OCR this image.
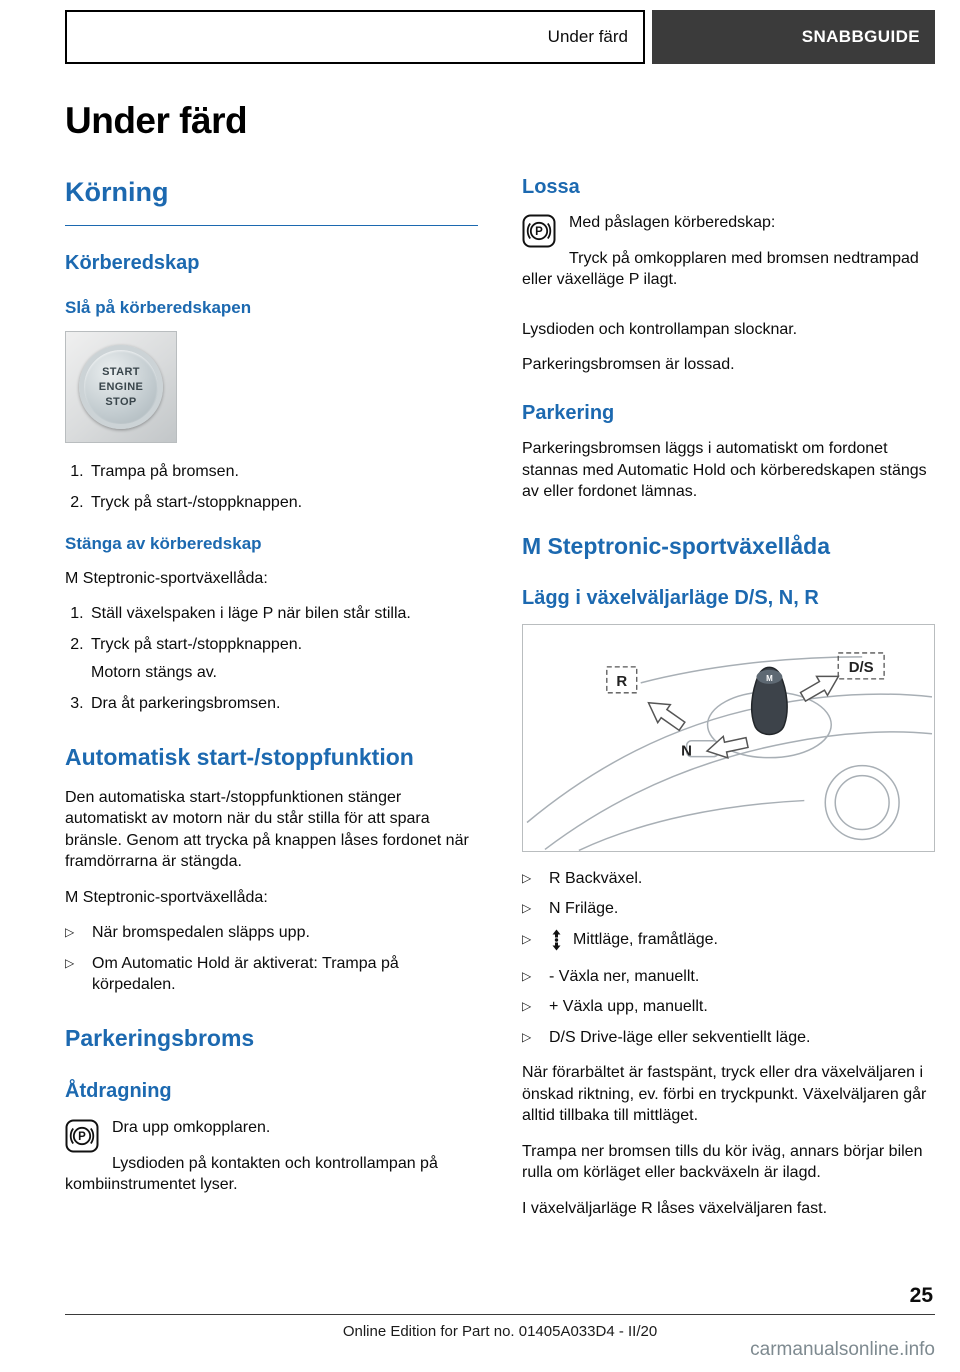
Under färd	SNABBGUIDE
Under färd
Körning
Körberedskap
Slå på körberedskapen
START
ENGINE
STOP
1. Trampa på bromsen.
2. Tryck på start-/stoppknappen.
Stänga av körberedskap

M Steptronic-sportväxellåda:

1. Ställ växelspaken i läge P när bilen står stilla.
2. Tryck på start-/stoppknappen.
Motorn stängs av.
3. Dra åt parkeringsbromsen.
Automatisk start-/stoppfunktion

Den automatiska start-/stoppfunktionen stänger automatiskt av motorn när du står stilla för att spara bränsle. Genom att trycka på knappen låses fordonet när framdörrarna är stängda.

M Steptronic-sportväxellåda:

▷	När bromspedalen släpps upp.
▷	Om Automatic Hold är aktiverat: Trampa på körpedalen.
Parkeringsbroms
Åtdragning
P

Dra upp omkopplaren.

Lysdioden på kontakten och kontrollampan på kombiinstrumentet lyser.

Lossa
P

Med påslagen körberedskap:

Tryck på omkopplaren med bromsen nedtrampad eller växelläge P ilagt.

Lysdioden och kontrollampan slocknar.

Parkeringsbromsen är lossad.

Parkering

Parkeringsbromsen läggs i automatiskt om fordonet stannas med Automatic Hold och körberedskapen stängs av eller fordonet lämnas.

M Steptronic-sportväxellåda
Lägg i växelväljarläge D/S, N, R
M
R
N
D/S
▷	R Backväxel.
▷	N Friläge.
▷	Mittläge, framåtläge.
▷	- Växla ner, manuellt.
▷	+ Växla upp, manuellt.
▷	D/S Drive-läge eller sekventiellt läge.

När förarbältet är fastspänt, tryck eller dra växelväljaren i önskad riktning, ev. förbi en tryckpunkt. Växelväljaren går alltid tillbaka till mittläget.

Trampa ner bromsen tills du kör iväg, annars börjar bilen rulla om körläget eller backväxeln är ilagd.

I växelväljarläge R låses växelväljaren fast.

25
Online Edition for Part no. 01405A033D4 - II/20
carmanualsonline.info
